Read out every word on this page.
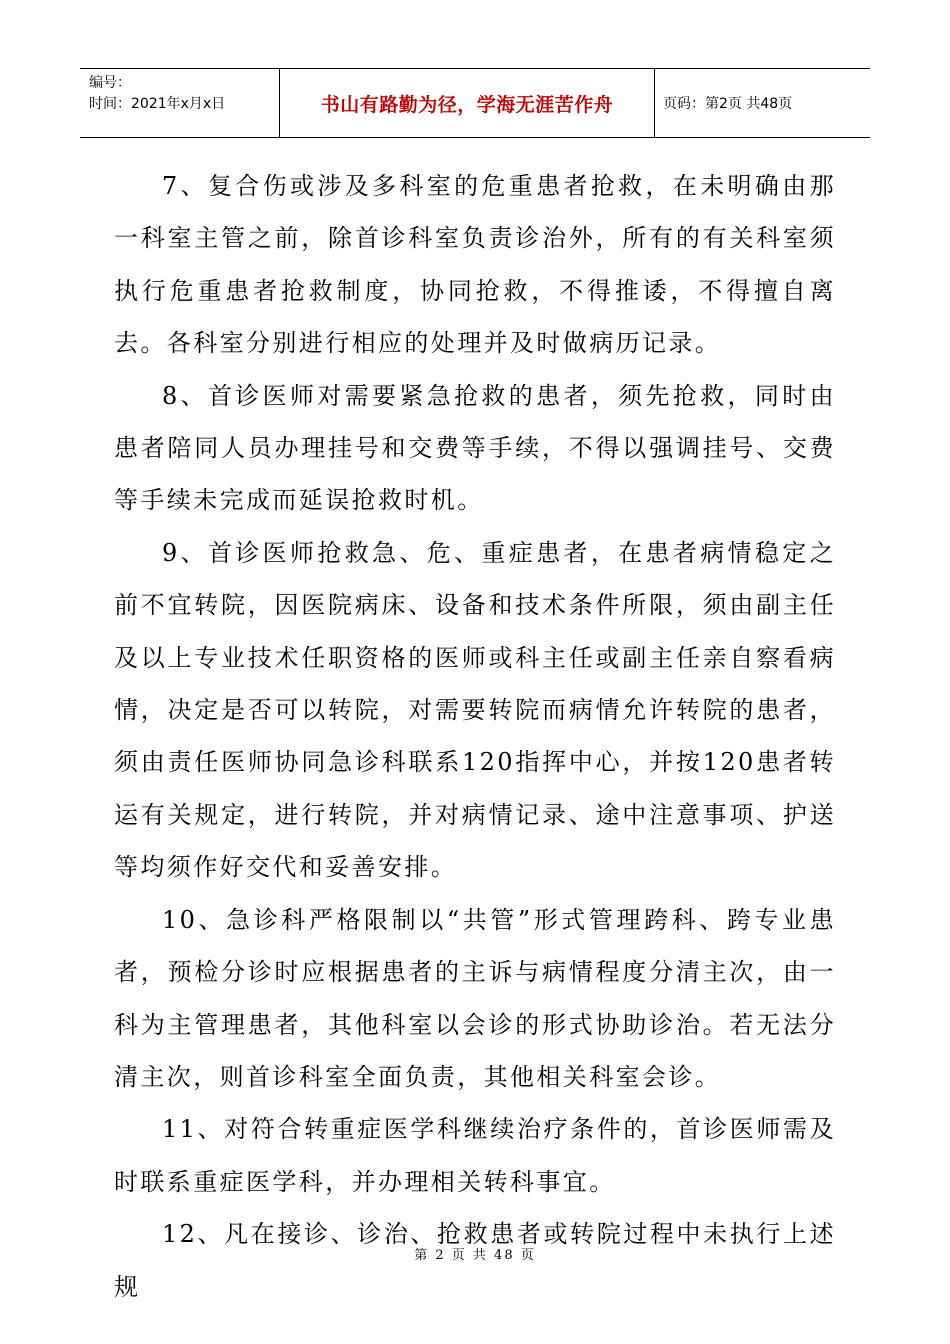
编号：
时间：2021年x月x日	书山有路勤为径，学海无涯苦作舟	页码：第2页 共48页

7、复合伤或涉及多科室的危重患者抢救，在未明确由那一科室主管之前，除首诊科室负责诊治外，所有的有关科室须执行危重患者抢救制度，协同抢救，不得推诿，不得擅自离去。各科室分别进行相应的处理并及时做病历记录。

8、首诊医师对需要紧急抢救的患者，须先抢救，同时由患者陪同人员办理挂号和交费等手续，不得以强调挂号、交费等手续未完成而延误抢救时机。

9、首诊医师抢救急、危、重症患者，在患者病情稳定之前不宜转院，因医院病床、设备和技术条件所限，须由副主任及以上专业技术任职资格的医师或科主任或副主任亲自察看病情，决定是否可以转院，对需要转院而病情允许转院的患者，须由责任医师协同急诊科联系120指挥中心，并按120患者转运有关规定，进行转院，并对病情记录、途中注意事项、护送等均须作好交代和妥善安排。

10、急诊科严格限制以“共管”形式管理跨科、跨专业患者，预检分诊时应根据患者的主诉与病情程度分清主次，由一科为主管理患者，其他科室以会诊的形式协助诊治。若无法分清主次，则首诊科室全面负责，其他相关科室会诊。

11、对符合转重症医学科继续治疗条件的，首诊医师需及时联系重症医学科，并办理相关转科事宜。

12、凡在接诊、诊治、抢救患者或转院过程中未执行上述规

第 2 页 共 48 页
